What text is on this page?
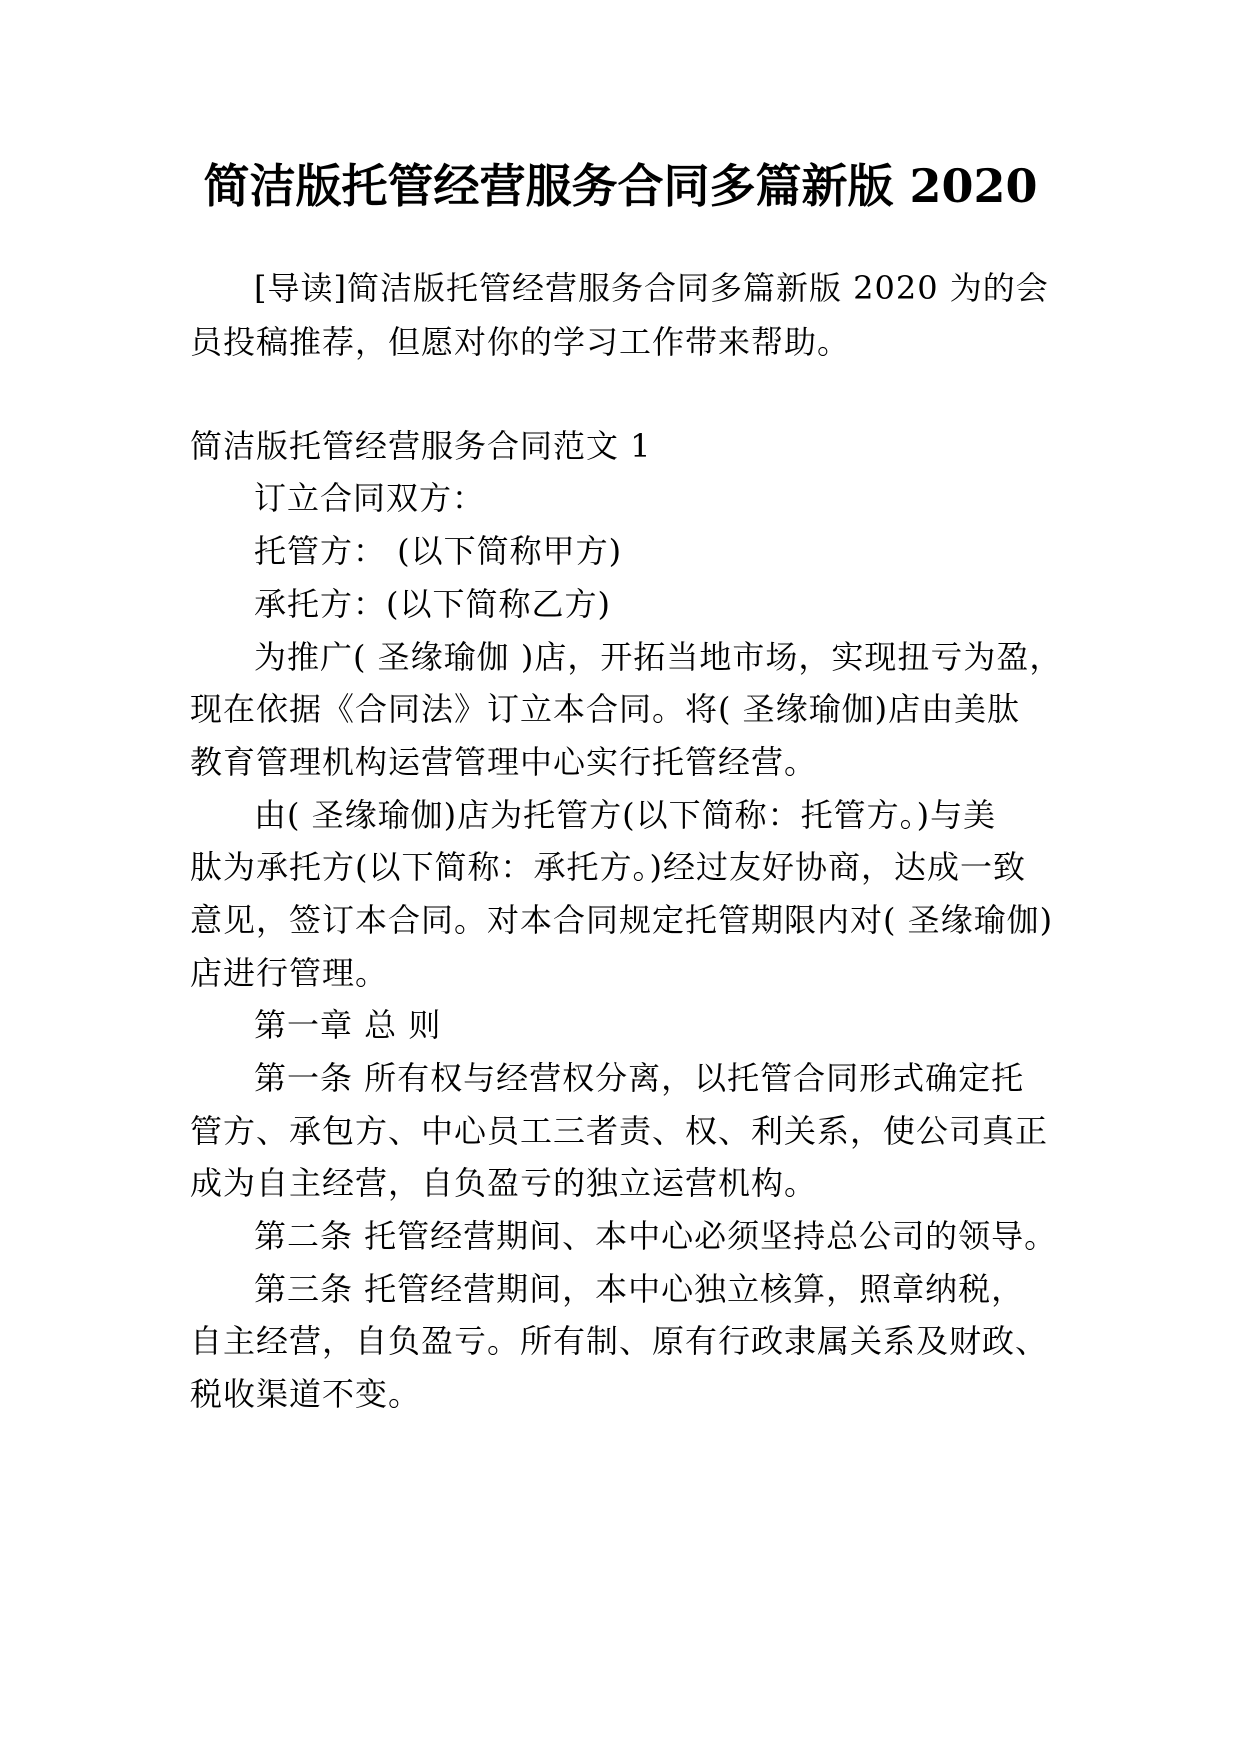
简洁版托管经营服务合同多篇新版 2020

[导读]简洁版托管经营服务合同多篇新版 2020 为的会

员投稿推荐，但愿对你的学习工作带来帮助。

简洁版托管经营服务合同范文 1

订立合同双方：

托管方： (以下简称甲方)

承托方：(以下简称乙方)

为推广( 圣缘瑜伽 )店，开拓当地市场，实现扭亏为盈，

现在依据《合同法》订立本合同。将( 圣缘瑜伽)店由美肽

教育管理机构运营管理中心实行托管经营。

由( 圣缘瑜伽)店为托管方(以下简称：托管方。)与美

肽为承托方(以下简称：承托方。)经过友好协商，达成一致

意见，签订本合同。对本合同规定托管期限内对( 圣缘瑜伽)

店进行管理。

第一章 总 则

第一条 所有权与经营权分离，以托管合同形式确定托

管方、承包方、中心员工三者责、权、利关系，使公司真正

成为自主经营，自负盈亏的独立运营机构。

第二条 托管经营期间、本中心必须坚持总公司的领导。

第三条 托管经营期间，本中心独立核算，照章纳税，

自主经营，自负盈亏。所有制、原有行政隶属关系及财政、

税收渠道不变。
